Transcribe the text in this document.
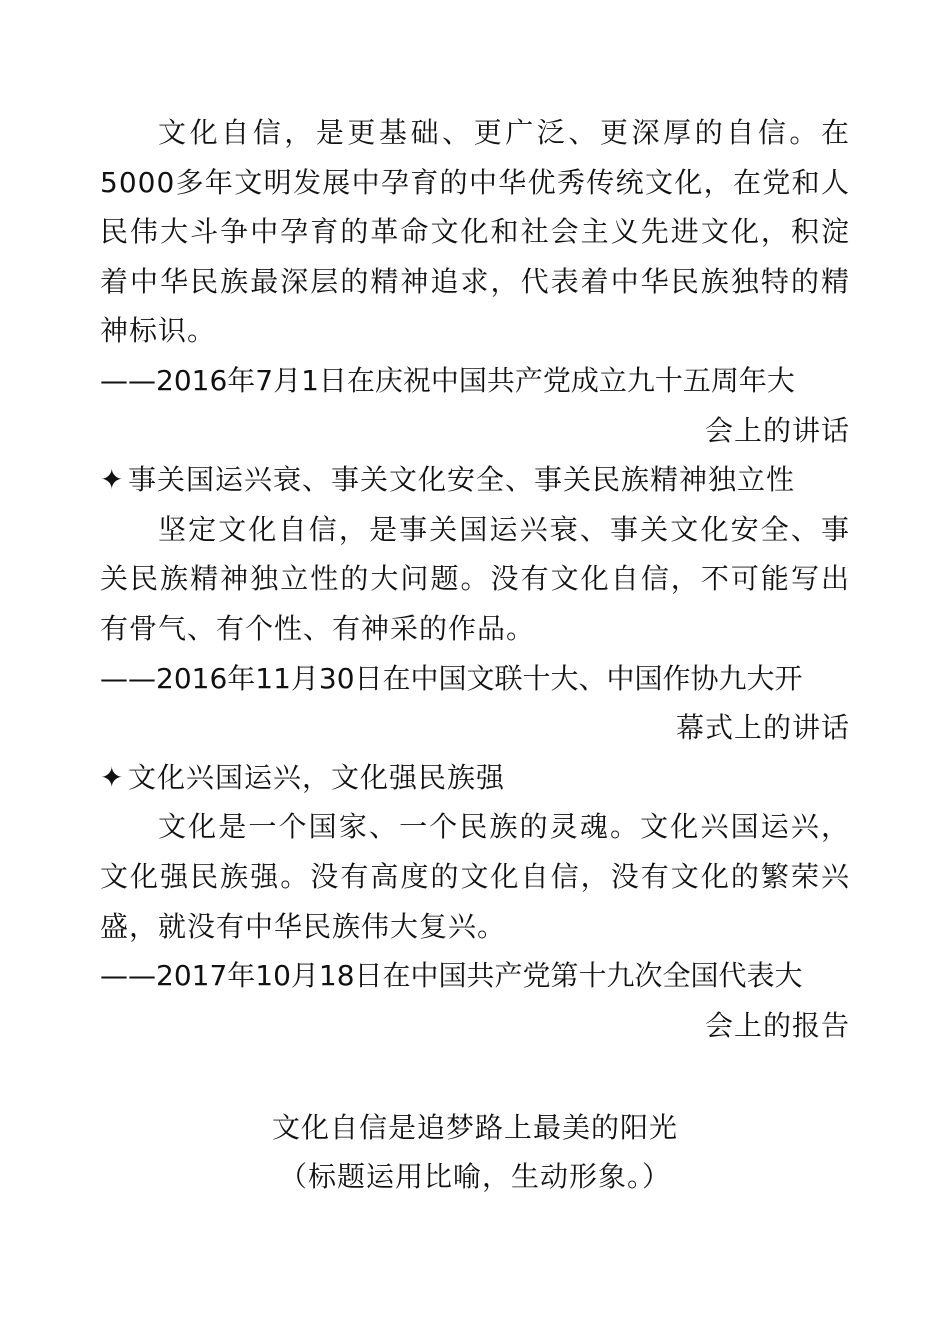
文化自信，是更基础、更广泛、更深厚的自信。在5000多年文明发展中孕育的中华优秀传统文化，在党和人民伟大斗争中孕育的革命文化和社会主义先进文化，积淀着中华民族最深层的精神追求，代表着中华民族独特的精神标识。

——2016年7月1日在庆祝中国共产党成立九十五周年大

会上的讲话

✦ 事关国运兴衰、事关文化安全、事关民族精神独立性

坚定文化自信，是事关国运兴衰、事关文化安全、事关民族精神独立性的大问题。没有文化自信，不可能写出有骨气、有个性、有神采的作品。

——2016年11月30日在中国文联十大、中国作协九大开

幕式上的讲话

✦ 文化兴国运兴，文化强民族强

文化是一个国家、一个民族的灵魂。文化兴国运兴，文化强民族强。没有高度的文化自信，没有文化的繁荣兴盛，就没有中华民族伟大复兴。

——2017年10月18日在中国共产党第十九次全国代表大

会上的报告

文化自信是追梦路上最美的阳光

（标题运用比喻，生动形象。）
